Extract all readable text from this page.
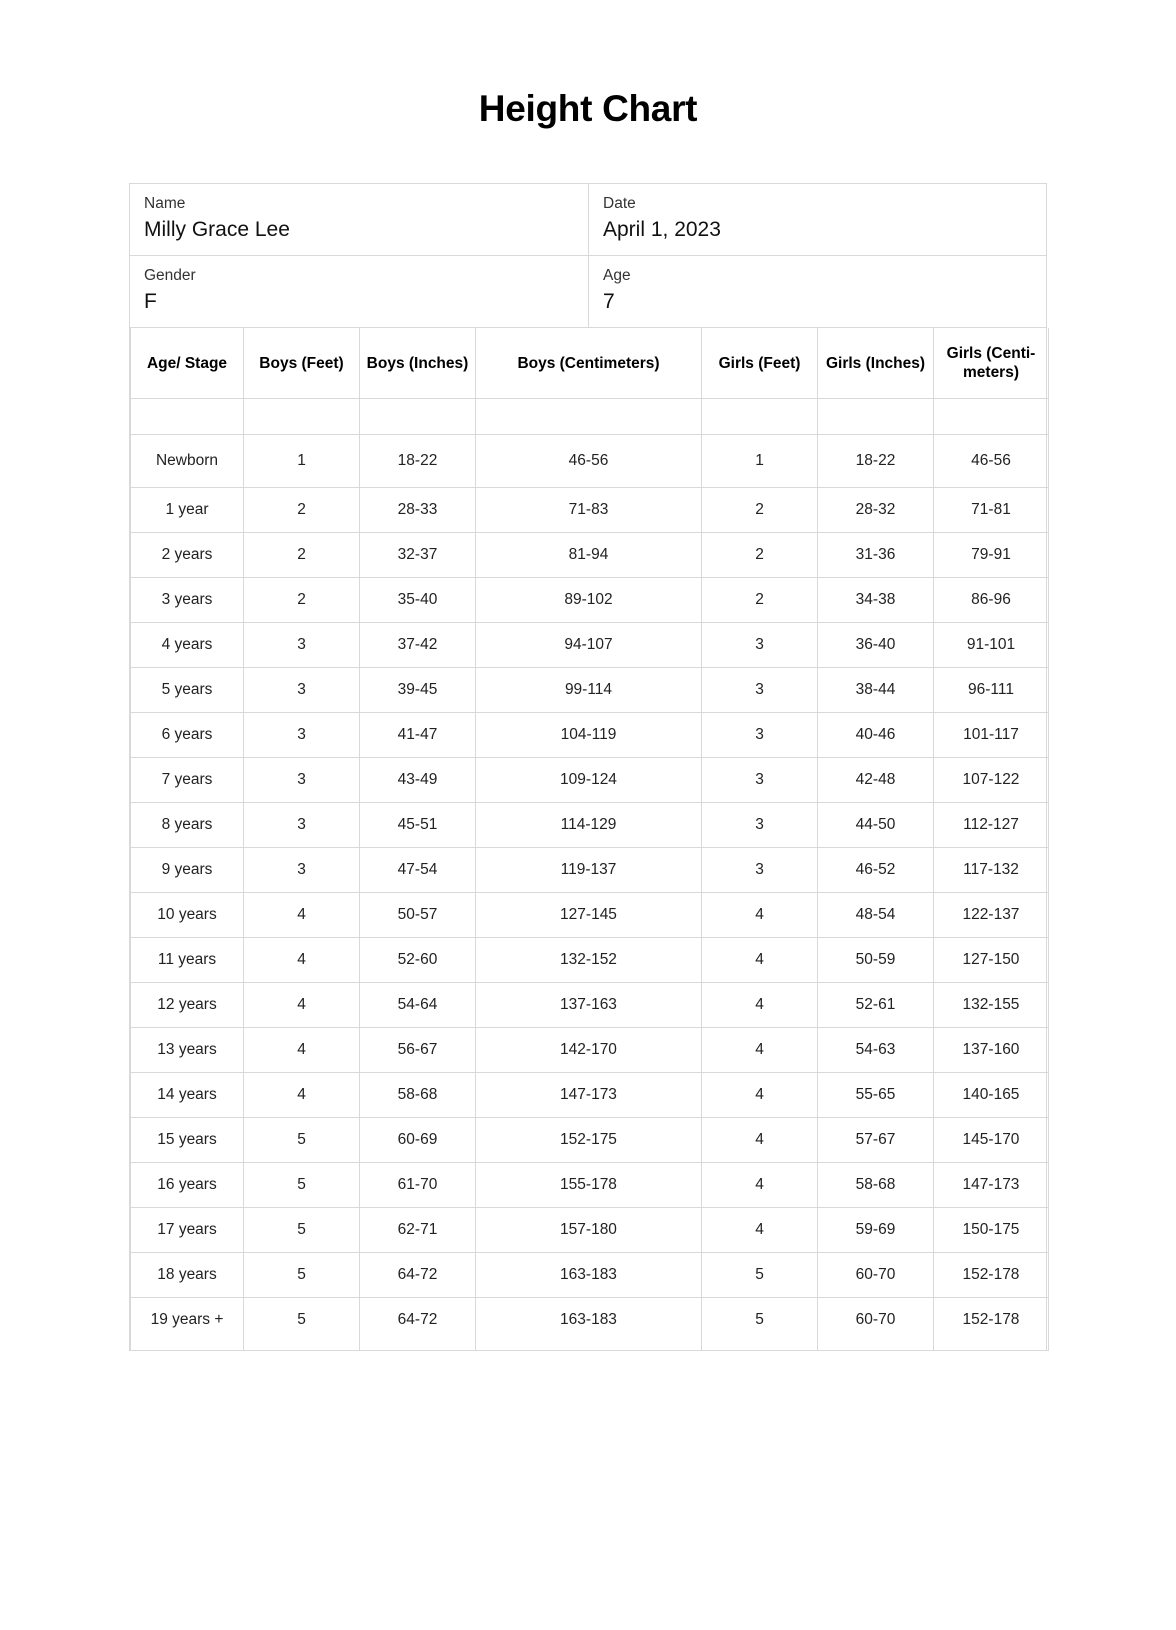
Height Chart
Name
Milly Grace Lee
Date
April 1, 2023
Gender
F
Age
7
Age/ Stage	Boys (Feet)	Boys (Inches)	Boys (Centimeters)	Girls (Feet)	Girls (Inches)	Girls (Centi- meters)

Newborn	1	18-22	46-56	1	18-22	46-56
1 year	2	28-33	71-83	2	28-32	71-81
2 years	2	32-37	81-94	2	31-36	79-91
3 years	2	35-40	89-102	2	34-38	86-96
4 years	3	37-42	94-107	3	36-40	91-101
5 years	3	39-45	99-114	3	38-44	96-111
6 years	3	41-47	104-119	3	40-46	101-117
7 years	3	43-49	109-124	3	42-48	107-122
8 years	3	45-51	114-129	3	44-50	112-127
9 years	3	47-54	119-137	3	46-52	117-132
10 years	4	50-57	127-145	4	48-54	122-137
11 years	4	52-60	132-152	4	50-59	127-150
12 years	4	54-64	137-163	4	52-61	132-155
13 years	4	56-67	142-170	4	54-63	137-160
14 years	4	58-68	147-173	4	55-65	140-165
15 years	5	60-69	152-175	4	57-67	145-170
16 years	5	61-70	155-178	4	58-68	147-173
17 years	5	62-71	157-180	4	59-69	150-175
18 years	5	64-72	163-183	5	60-70	152-178
19 years +	5	64-72	163-183	5	60-70	152-178
